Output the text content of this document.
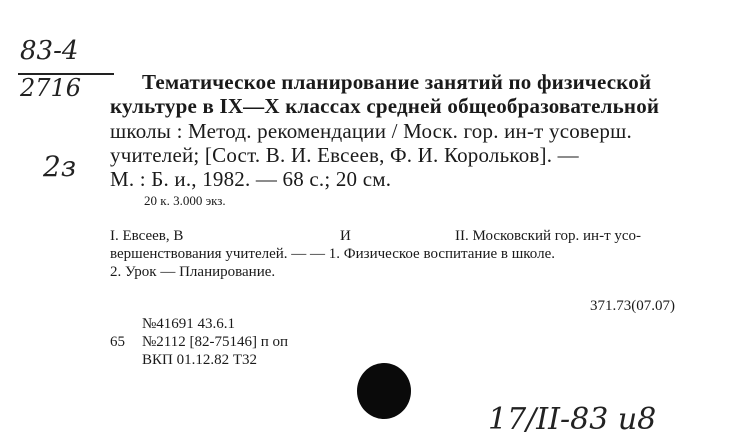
83-4
2716
2з
Тематическое планирование занятий по физической
культуре в IX—X классах средней общеобразовательной
школы : Метод. рекомендации / Моск. гор. ин-т усоверш.
учителей; [Сост. В. И. Евсеев, Ф. И. Корольков]. —
М. : Б. и., 1982. — 68 с.; 20 см.
20 к. 3.000 экз.
I. Евсеев, В	И	II. Московский гор. ин-т усо-
вершенствования учителей. — — 1. Физическое воспитание в школе.
2. Урок — Планирование.
371.73(07.07)
№41691 43.6.1
65 №2112 [82-75146] п оп
ВКП 01.12.82 Т32
17/II-83 и8
